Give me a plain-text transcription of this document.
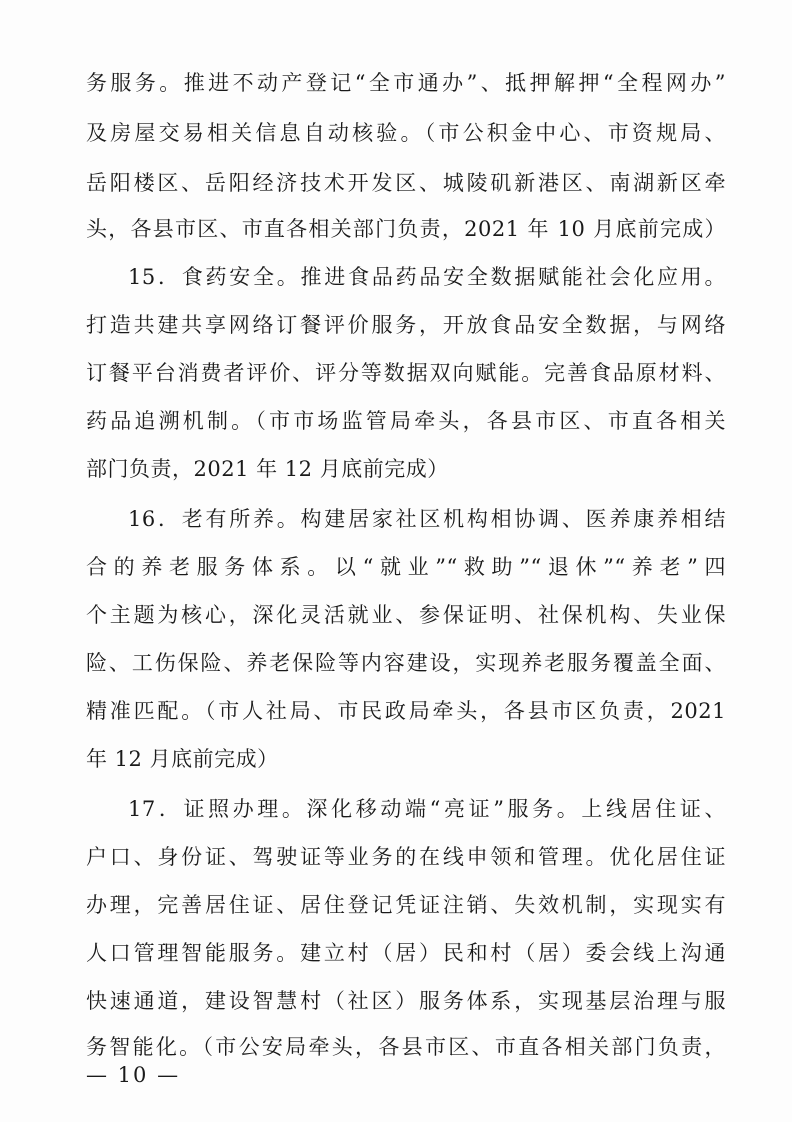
务服务。推进不动产登记“全市通办”、抵押解押“全程网办”
及房屋交易相关信息自动核验。（市公积金中心、市资规局、
岳阳楼区、岳阳经济技术开发区、城陵矶新港区、南湖新区牵
头，各县市区、市直各相关部门负责，2021 年 10 月底前完成）
15．食药安全。推进食品药品安全数据赋能社会化应用。
打造共建共享网络订餐评价服务，开放食品安全数据，与网络
订餐平台消费者评价、评分等数据双向赋能。完善食品原材料、
药品追溯机制。（市市场监管局牵头，各县市区、市直各相关
部门负责，2021 年 12 月底前完成）
16．老有所养。构建居家社区机构相协调、医养康养相结
合的养老服务体系。以“就业”“救助”“退休”“养老”四
个主题为核心，深化灵活就业、参保证明、社保机构、失业保
险、工伤保险、养老保险等内容建设，实现养老服务覆盖全面、
精准匹配。（市人社局、市民政局牵头，各县市区负责，2021
年 12 月底前完成）
17．证照办理。深化移动端“亮证”服务。上线居住证、
户口、身份证、驾驶证等业务的在线申领和管理。优化居住证
办理，完善居住证、居住登记凭证注销、失效机制，实现实有
人口管理智能服务。建立村（居）民和村（居）委会线上沟通
快速通道，建设智慧村（社区）服务体系，实现基层治理与服
务智能化。（市公安局牵头，各县市区、市直各相关部门负责，
— 10 —
